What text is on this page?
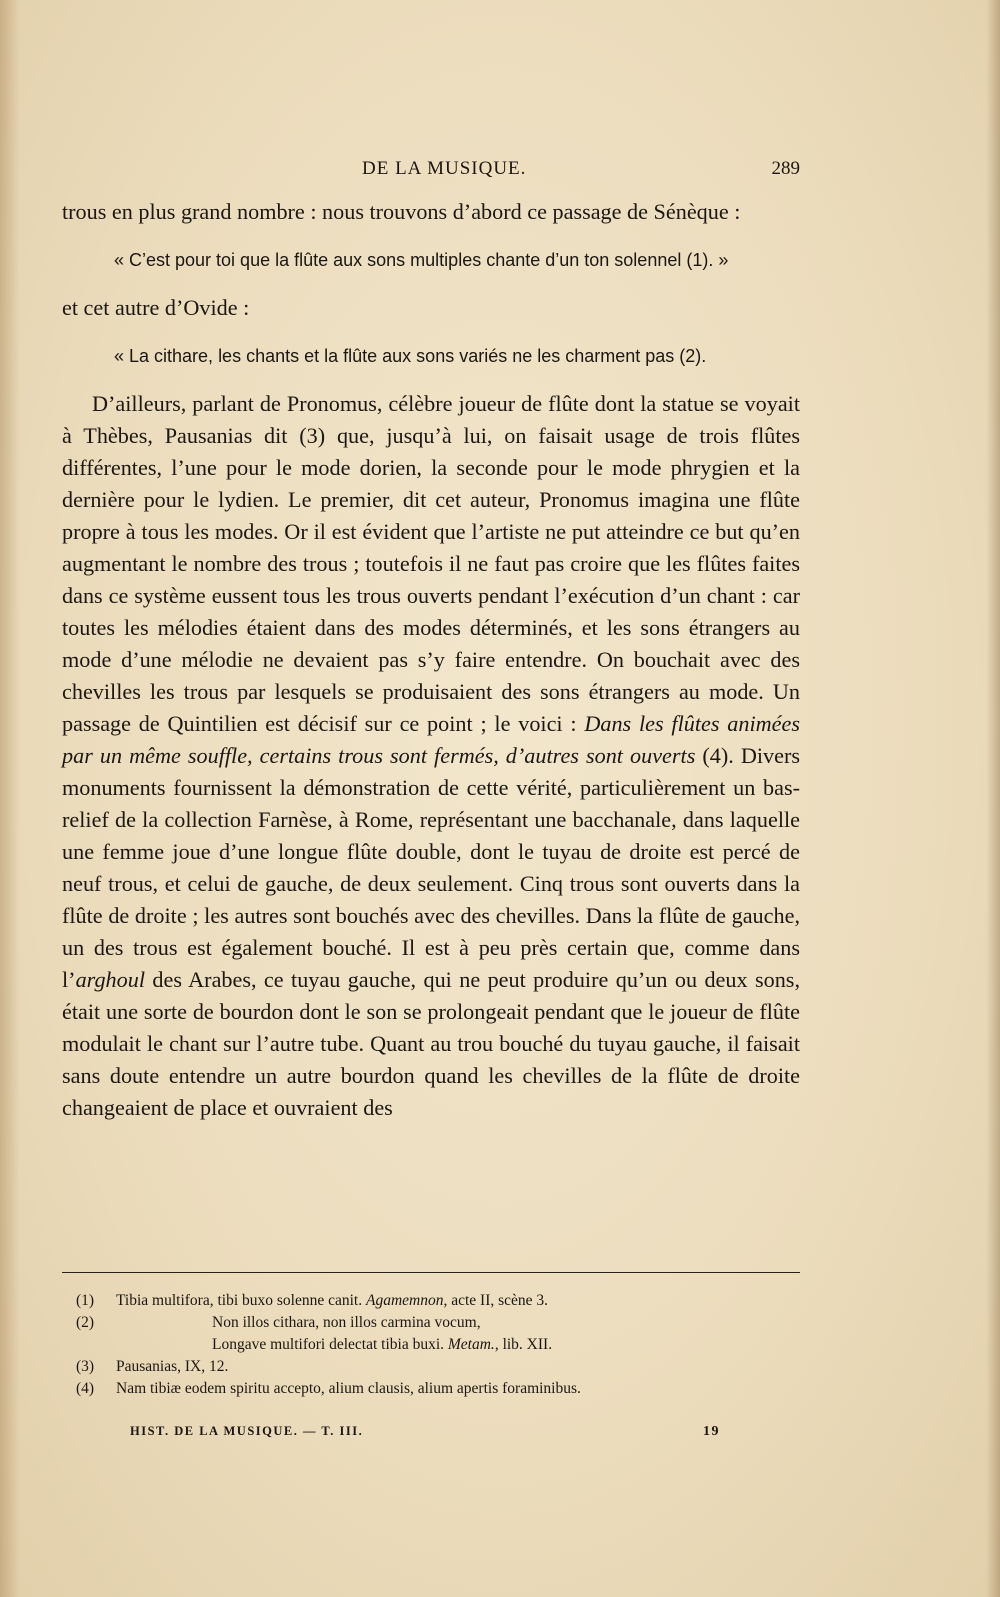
DE LA MUSIQUE.	289

trous en plus grand nombre : nous trouvons d’abord ce passage de Sénèque :

« C’est pour toi que la flûte aux sons multiples chante d’un ton solennel (1). »

et cet autre d’Ovide :

« La cithare, les chants et la flûte aux sons variés ne les charment pas (2).

D’ailleurs, parlant de Pronomus, célèbre joueur de flûte dont la statue se voyait à Thèbes, Pausanias dit (3) que, jusqu’à lui, on faisait usage de trois flûtes différentes, l’une pour le mode dorien, la seconde pour le mode phrygien et la dernière pour le lydien. Le premier, dit cet auteur, Pronomus imagina une flûte propre à tous les modes. Or il est évident que l’artiste ne put atteindre ce but qu’en augmentant le nombre des trous ; toutefois il ne faut pas croire que les flûtes faites dans ce système eussent tous les trous ouverts pendant l’exécution d’un chant : car toutes les mélodies étaient dans des modes déterminés, et les sons étrangers au mode d’une mélodie ne devaient pas s’y faire entendre. On bouchait avec des chevilles les trous par lesquels se produisaient des sons étrangers au mode. Un passage de Quintilien est décisif sur ce point ; le voici : Dans les flûtes animées par un même souffle, certains trous sont fermés, d’autres sont ouverts (4). Divers monuments fournissent la démonstration de cette vérité, particulièrement un bas-relief de la collection Farnèse, à Rome, représentant une bacchanale, dans laquelle une femme joue d’une longue flûte double, dont le tuyau de droite est percé de neuf trous, et celui de gauche, de deux seulement. Cinq trous sont ouverts dans la flûte de droite ; les autres sont bouchés avec des chevilles. Dans la flûte de gauche, un des trous est également bouché. Il est à peu près certain que, comme dans l’arghoul des Arabes, ce tuyau gauche, qui ne peut produire qu’un ou deux sons, était une sorte de bourdon dont le son se prolongeait pendant que le joueur de flûte modulait le chant sur l’autre tube. Quant au trou bouché du tuyau gauche, il faisait sans doute entendre un autre bourdon quand les chevilles de la flûte de droite changeaient de place et ouvraient des

(1)	Tibia multifora, tibi buxo solenne canit. Agamemnon, acte II, scène 3.
(2)	Non illos cithara, non illos carmina vocum,
Longave multifori delectat tibia buxi. Metam., lib. XII.
(3)	Pausanias, IX, 12.
(4)	Nam tibiæ eodem spiritu accepto, alium clausis, alium apertis foraminibus.
HIST. DE LA MUSIQUE. — T. III.	19
